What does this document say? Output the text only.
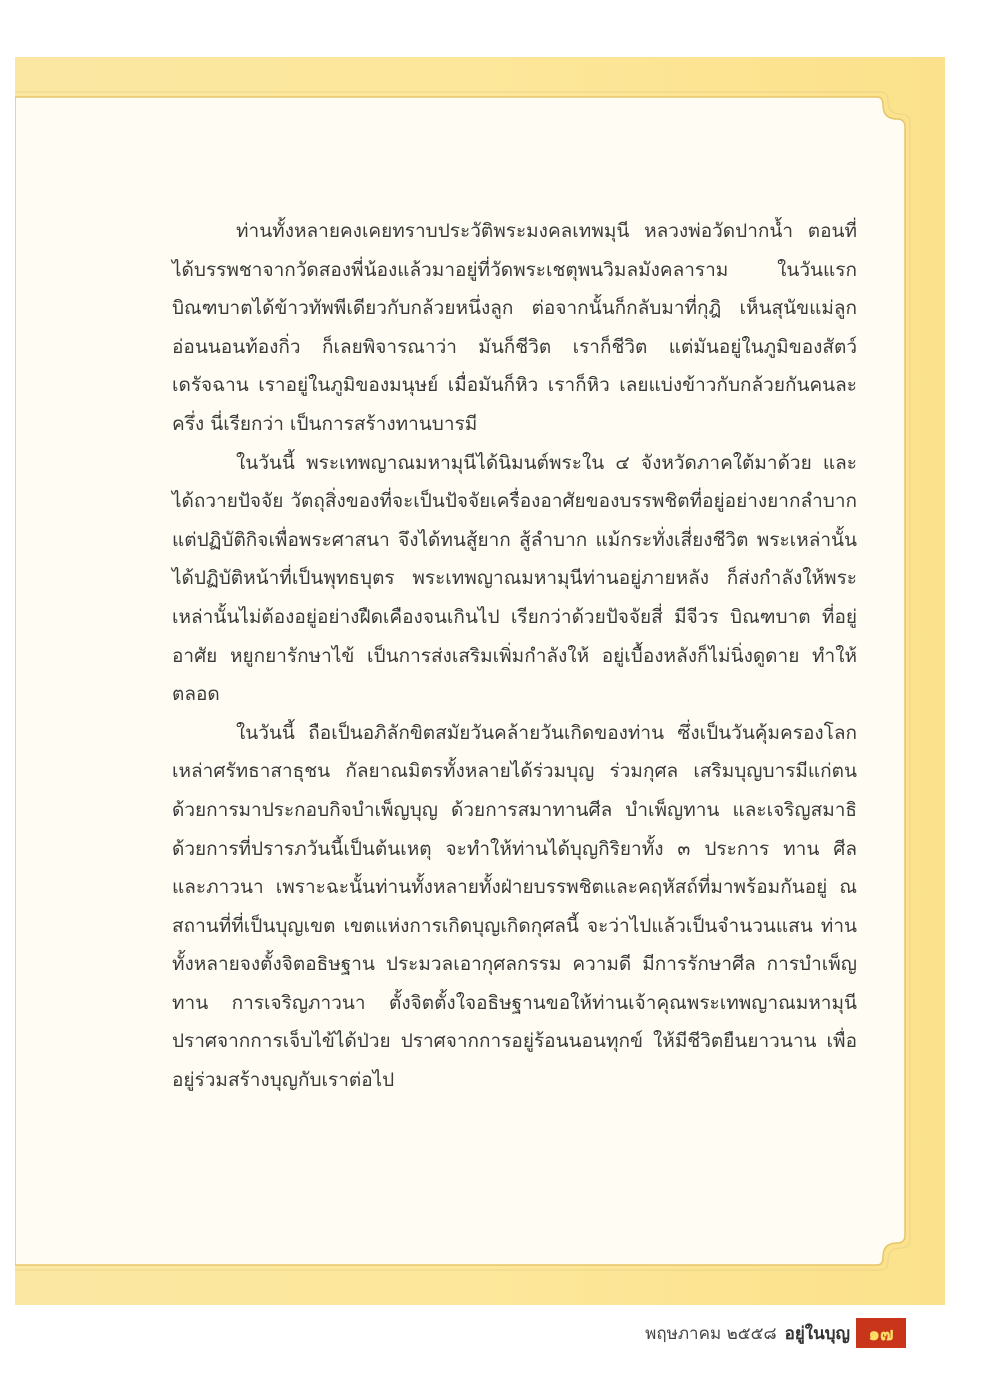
ท่านทั้งหลายคงเคยทราบประวัติพระมงคลเทพมุนี หลวงพ่อวัดปากน้ำ ตอนที่ได้บรรพชาจากวัดสองพี่น้องแล้วมาอยู่ที่วัดพระเชตุพนวิมลมังคลาราม ในวันแรกบิณฑบาตได้ข้าวทัพพีเดียวกับกล้วยหนึ่งลูก ต่อจากนั้นก็กลับมาที่กุฎิ เห็นสุนัขแม่ลูกอ่อนนอนท้องกิ่ว ก็เลยพิจารณาว่า มันก็ชีวิต เราก็ชีวิต แต่มันอยู่ในภูมิของสัตว์เดรัจฉาน เราอยู่ในภูมิของมนุษย์ เมื่อมันก็หิว เราก็หิว เลยแบ่งข้าวกับกล้วยกันคนละครึ่ง นี่เรียกว่า เป็นการสร้างทานบารมี

ในวันนี้ พระเทพญาณมหามุนีได้นิมนต์พระใน ๔ จังหวัดภาคใต้มาด้วย และได้ถวายปัจจัย วัตถุสิ่งของที่จะเป็นปัจจัยเครื่องอาศัยของบรรพชิตที่อยู่อย่างยากลำบาก แต่ปฏิบัติกิจเพื่อพระศาสนา จึงได้ทนสู้ยาก สู้ลำบาก แม้กระทั่งเสี่ยงชีวิต พระเหล่านั้นได้ปฏิบัติหน้าที่เป็นพุทธบุตร พระเทพญาณมหามุนีท่านอยู่ภายหลัง ก็ส่งกำลังให้พระเหล่านั้นไม่ต้องอยู่อย่างฝืดเคืองจนเกินไป เรียกว่าด้วยปัจจัยสี่ มีจีวร บิณฑบาต ที่อยู่อาศัย หยูกยารักษาไข้ เป็นการส่งเสริมเพิ่มกำลังให้ อยู่เบื้องหลังก็ไม่นิ่งดูดาย ทำให้ตลอด

ในวันนี้ ถือเป็นอภิลักขิตสมัยวันคล้ายวันเกิดของท่าน ซึ่งเป็นวันคุ้มครองโลก เหล่าศรัทธาสาธุชน กัลยาณมิตรทั้งหลายได้ร่วมบุญ ร่วมกุศล เสริมบุญบารมีแก่ตน ด้วยการมาประกอบกิจบำเพ็ญบุญ ด้วยการสมาทานศีล บำเพ็ญทาน และเจริญสมาธิ ด้วยการที่ปรารภวันนี้เป็นต้นเหตุ จะทำให้ท่านได้บุญกิริยาทั้ง ๓ ประการ ทาน ศีล และภาวนา เพราะฉะนั้นท่านทั้งหลายทั้งฝ่ายบรรพชิตและคฤหัสถ์ที่มาพร้อมกันอยู่ ณ สถานที่ที่เป็นบุญเขต เขตแห่งการเกิดบุญเกิดกุศลนี้ จะว่าไปแล้วเป็นจำนวนแสน ท่านทั้งหลายจงตั้งจิตอธิษฐาน ประมวลเอากุศลกรรม ความดี มีการรักษาศีล การบำเพ็ญทาน การเจริญภาวนา ตั้งจิตตั้งใจอธิษฐานขอให้ท่านเจ้าคุณพระเทพญาณมหามุนี ปราศจากการเจ็บไข้ได้ป่วย ปราศจากการอยู่ร้อนนอนทุกข์ ให้มีชีวิตยืนยาวนาน เพื่ออยู่ร่วมสร้างบุญกับเราต่อไป

พฤษภาคม ๒๕๕๘ อยู่ในบุญ	๑๗
